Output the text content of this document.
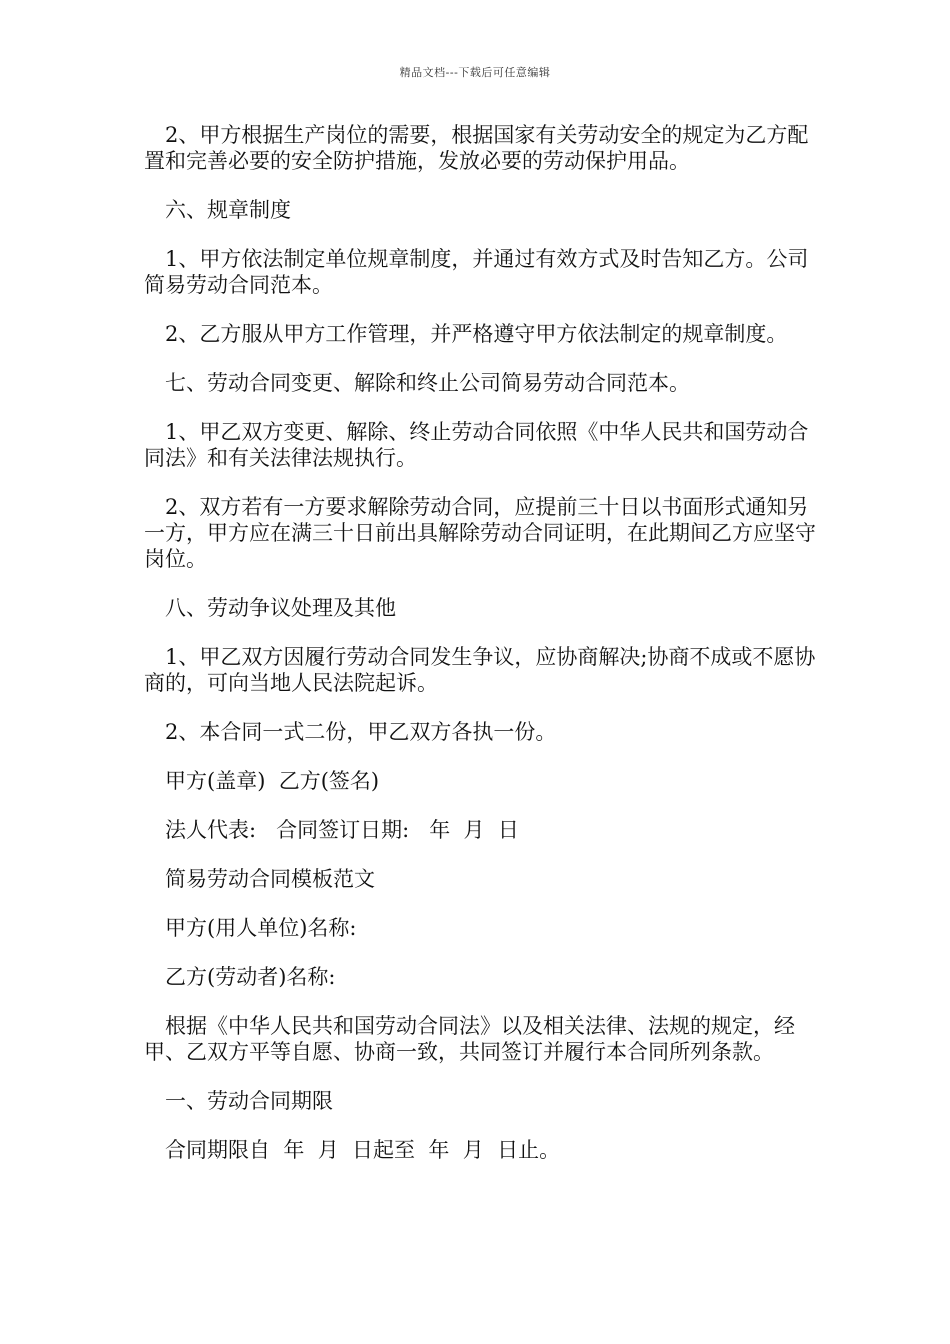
精品文档---下载后可任意编辑

2、甲方根据生产岗位的需要，根据国家有关劳动安全的规定为乙方配置和完善必要的安全防护措施，发放必要的劳动保护用品。

六、规章制度

1、甲方依法制定单位规章制度，并通过有效方式及时告知乙方。公司简易劳动合同范本。

2、乙方服从甲方工作管理，并严格遵守甲方依法制定的规章制度。

七、劳动合同变更、解除和终止公司简易劳动合同范本。

1、甲乙双方变更、解除、终止劳动合同依照《中华人民共和国劳动合同法》和有关法律法规执行。

2、双方若有一方要求解除劳动合同，应提前三十日以书面形式通知另一方，甲方应在满三十日前出具解除劳动合同证明，在此期间乙方应坚守岗位。

八、劳动争议处理及其他

1、甲乙双方因履行劳动合同发生争议，应协商解决;协商不成或不愿协商的，可向当地人民法院起诉。

2、本合同一式二份，甲乙双方各执一份。

甲方(盖章)  乙方(签名)

法人代表:   合同签订日期:   年  月  日

简易劳动合同模板范文

甲方(用人单位)名称:

乙方(劳动者)名称:

根据《中华人民共和国劳动合同法》以及相关法律、法规的规定，经甲、乙双方平等自愿、协商一致，共同签订并履行本合同所列条款。

一、劳动合同期限

合同期限自  年  月  日起至  年  月  日止。
